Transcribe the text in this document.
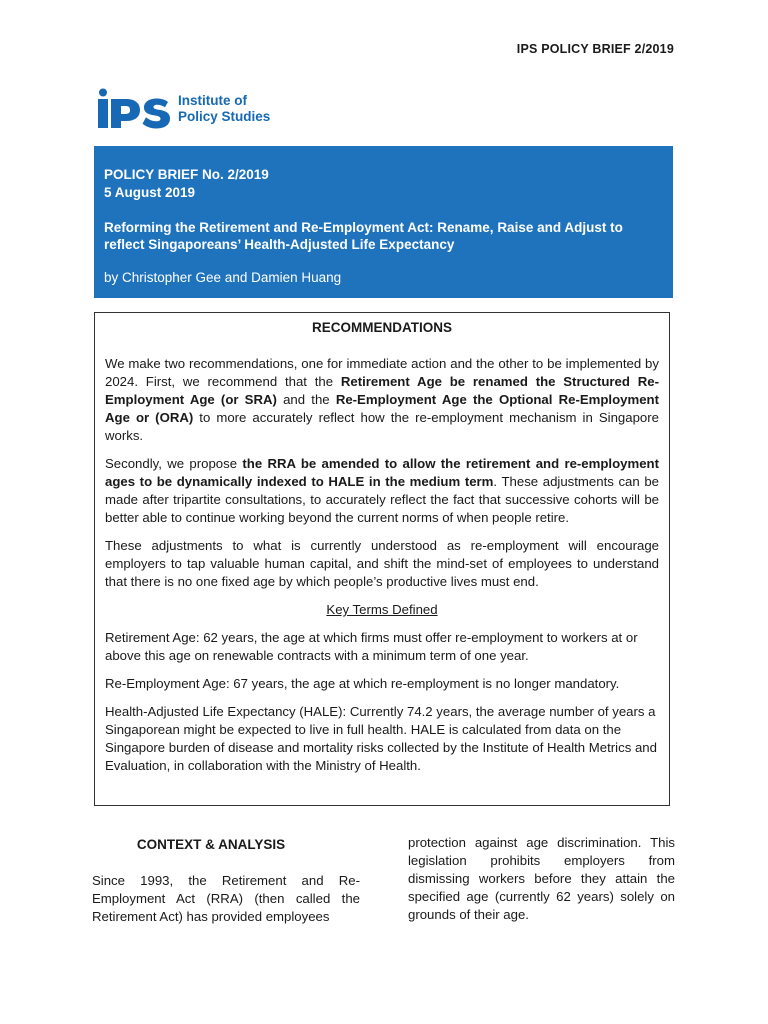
IPS POLICY BRIEF 2/2019
Institute of
Policy Studies
POLICY BRIEF No. 2/2019
5 August 2019
Reforming the Retirement and Re-Employment Act: Rename, Raise and Adjust to reflect Singaporeans’ Health-Adjusted Life Expectancy
by Christopher Gee and Damien Huang
RECOMMENDATIONS

We make two recommendations, one for immediate action and the other to be implemented by 2024. First, we recommend that the Retirement Age be renamed the Structured Re-Employment Age (or SRA) and the Re-Employment Age the Optional Re-Employment Age or (ORA) to more accurately reflect how the re-employment mechanism in Singapore works.

Secondly, we propose the RRA be amended to allow the retirement and re-employment ages to be dynamically indexed to HALE in the medium term. These adjustments can be made after tripartite consultations, to accurately reflect the fact that successive cohorts will be better able to continue working beyond the current norms of when people retire.

These adjustments to what is currently understood as re-employment will encourage employers to tap valuable human capital, and shift the mind-set of employees to understand that there is no one fixed age by which people’s productive lives must end.

Key Terms Defined

Retirement Age: 62 years, the age at which firms must offer re-employment to workers at or above this age on renewable contracts with a minimum term of one year.

Re-Employment Age: 67 years, the age at which re-employment is no longer mandatory.

Health-Adjusted Life Expectancy (HALE): Currently 74.2 years, the average number of years a Singaporean might be expected to live in full health. HALE is calculated from data on the Singapore burden of disease and mortality risks collected by the Institute of Health Metrics and Evaluation, in collaboration with the Ministry of Health.

CONTEXT & ANALYSIS

Since 1993, the Retirement and Re-Employment Act (RRA) (then called the Retirement Act) has provided employees

protection against age discrimination. This legislation prohibits employers from dismissing workers before they attain the specified age (currently 62 years) solely on grounds of their age.
